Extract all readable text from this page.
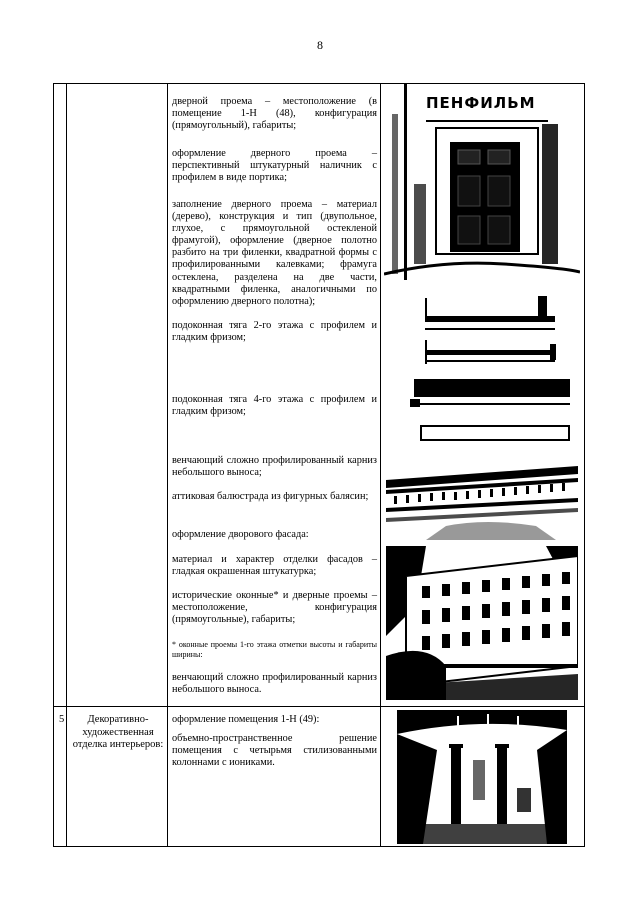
8
дверной проема – местоположение (в помещение 1-Н (48), конфигурация (прямоугольный), габариты;
оформление дверного проема – перспективный штукатурный наличник с профилем в виде портика;
заполнение дверного проема – материал (дерево), конструкция и тип (двупольное, глухое, с прямоугольной остекленой фрамугой), оформление (дверное полотно разбито на три филенки, квадратной формы с профилированными калевками; фрамуга остеклена, разделена на две части, квадратными филенка, аналогичными по оформлению дверного полотна);
подоконная тяга 2-го этажа с профилем и гладким фризом;
подоконная тяга 4-го этажа с профилем и гладким фризом;
венчающий сложно профилированный карниз небольшого выноса;
аттиковая балюстрада из фигурных балясин;
оформление дворового фасада:
материал и характер отделки фасадов – гладкая окрашенная штукатурка;
исторические оконные* и дверные проемы – местоположение, конфигурация (прямоугольные), габариты;
* оконные проемы 1-го этажа отметки высоты и габариты ширины:
венчающий сложно профилированный карниз небольшого выноса.
5	Декоративно-художественная отделка интерьеров:
оформление помещения 1-Н (49):
объемно-пространственное решение помещения с четырьмя стилизованными колоннами с иониками.
ПЕНФИЛЬМ
